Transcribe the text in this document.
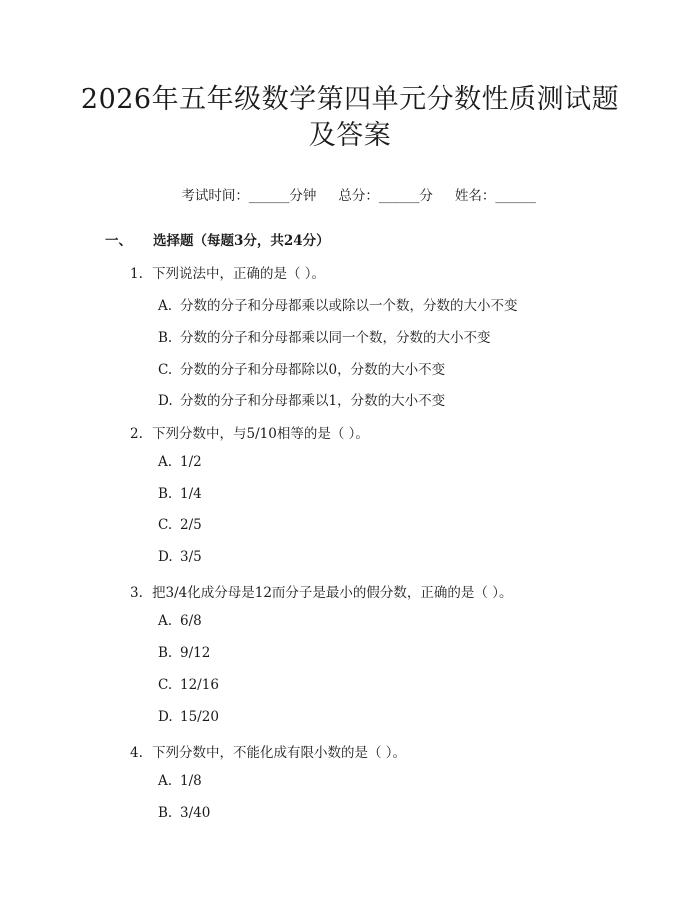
2026年五年级数学第四单元分数性质测试题
及答案

考试时间：______分钟 总分：______分 姓名：______

一、 选择题（每题3分，共24分）
1. 下列说法中，正确的是（ ）。
A. 分数的分子和分母都乘以或除以一个数，分数的大小不变
B. 分数的分子和分母都乘以同一个数，分数的大小不变
C. 分数的分子和分母都除以0，分数的大小不变
D. 分数的分子和分母都乘以1，分数的大小不变
2. 下列分数中，与5/10相等的是（ ）。
A. 1/2
B. 1/4
C. 2/5
D. 3/5
3. 把3/4化成分母是12而分子是最小的假分数，正确的是（ ）。
A. 6/8
B. 9/12
C. 12/16
D. 15/20
4. 下列分数中，不能化成有限小数的是（ ）。
A. 1/8
B. 3/40
